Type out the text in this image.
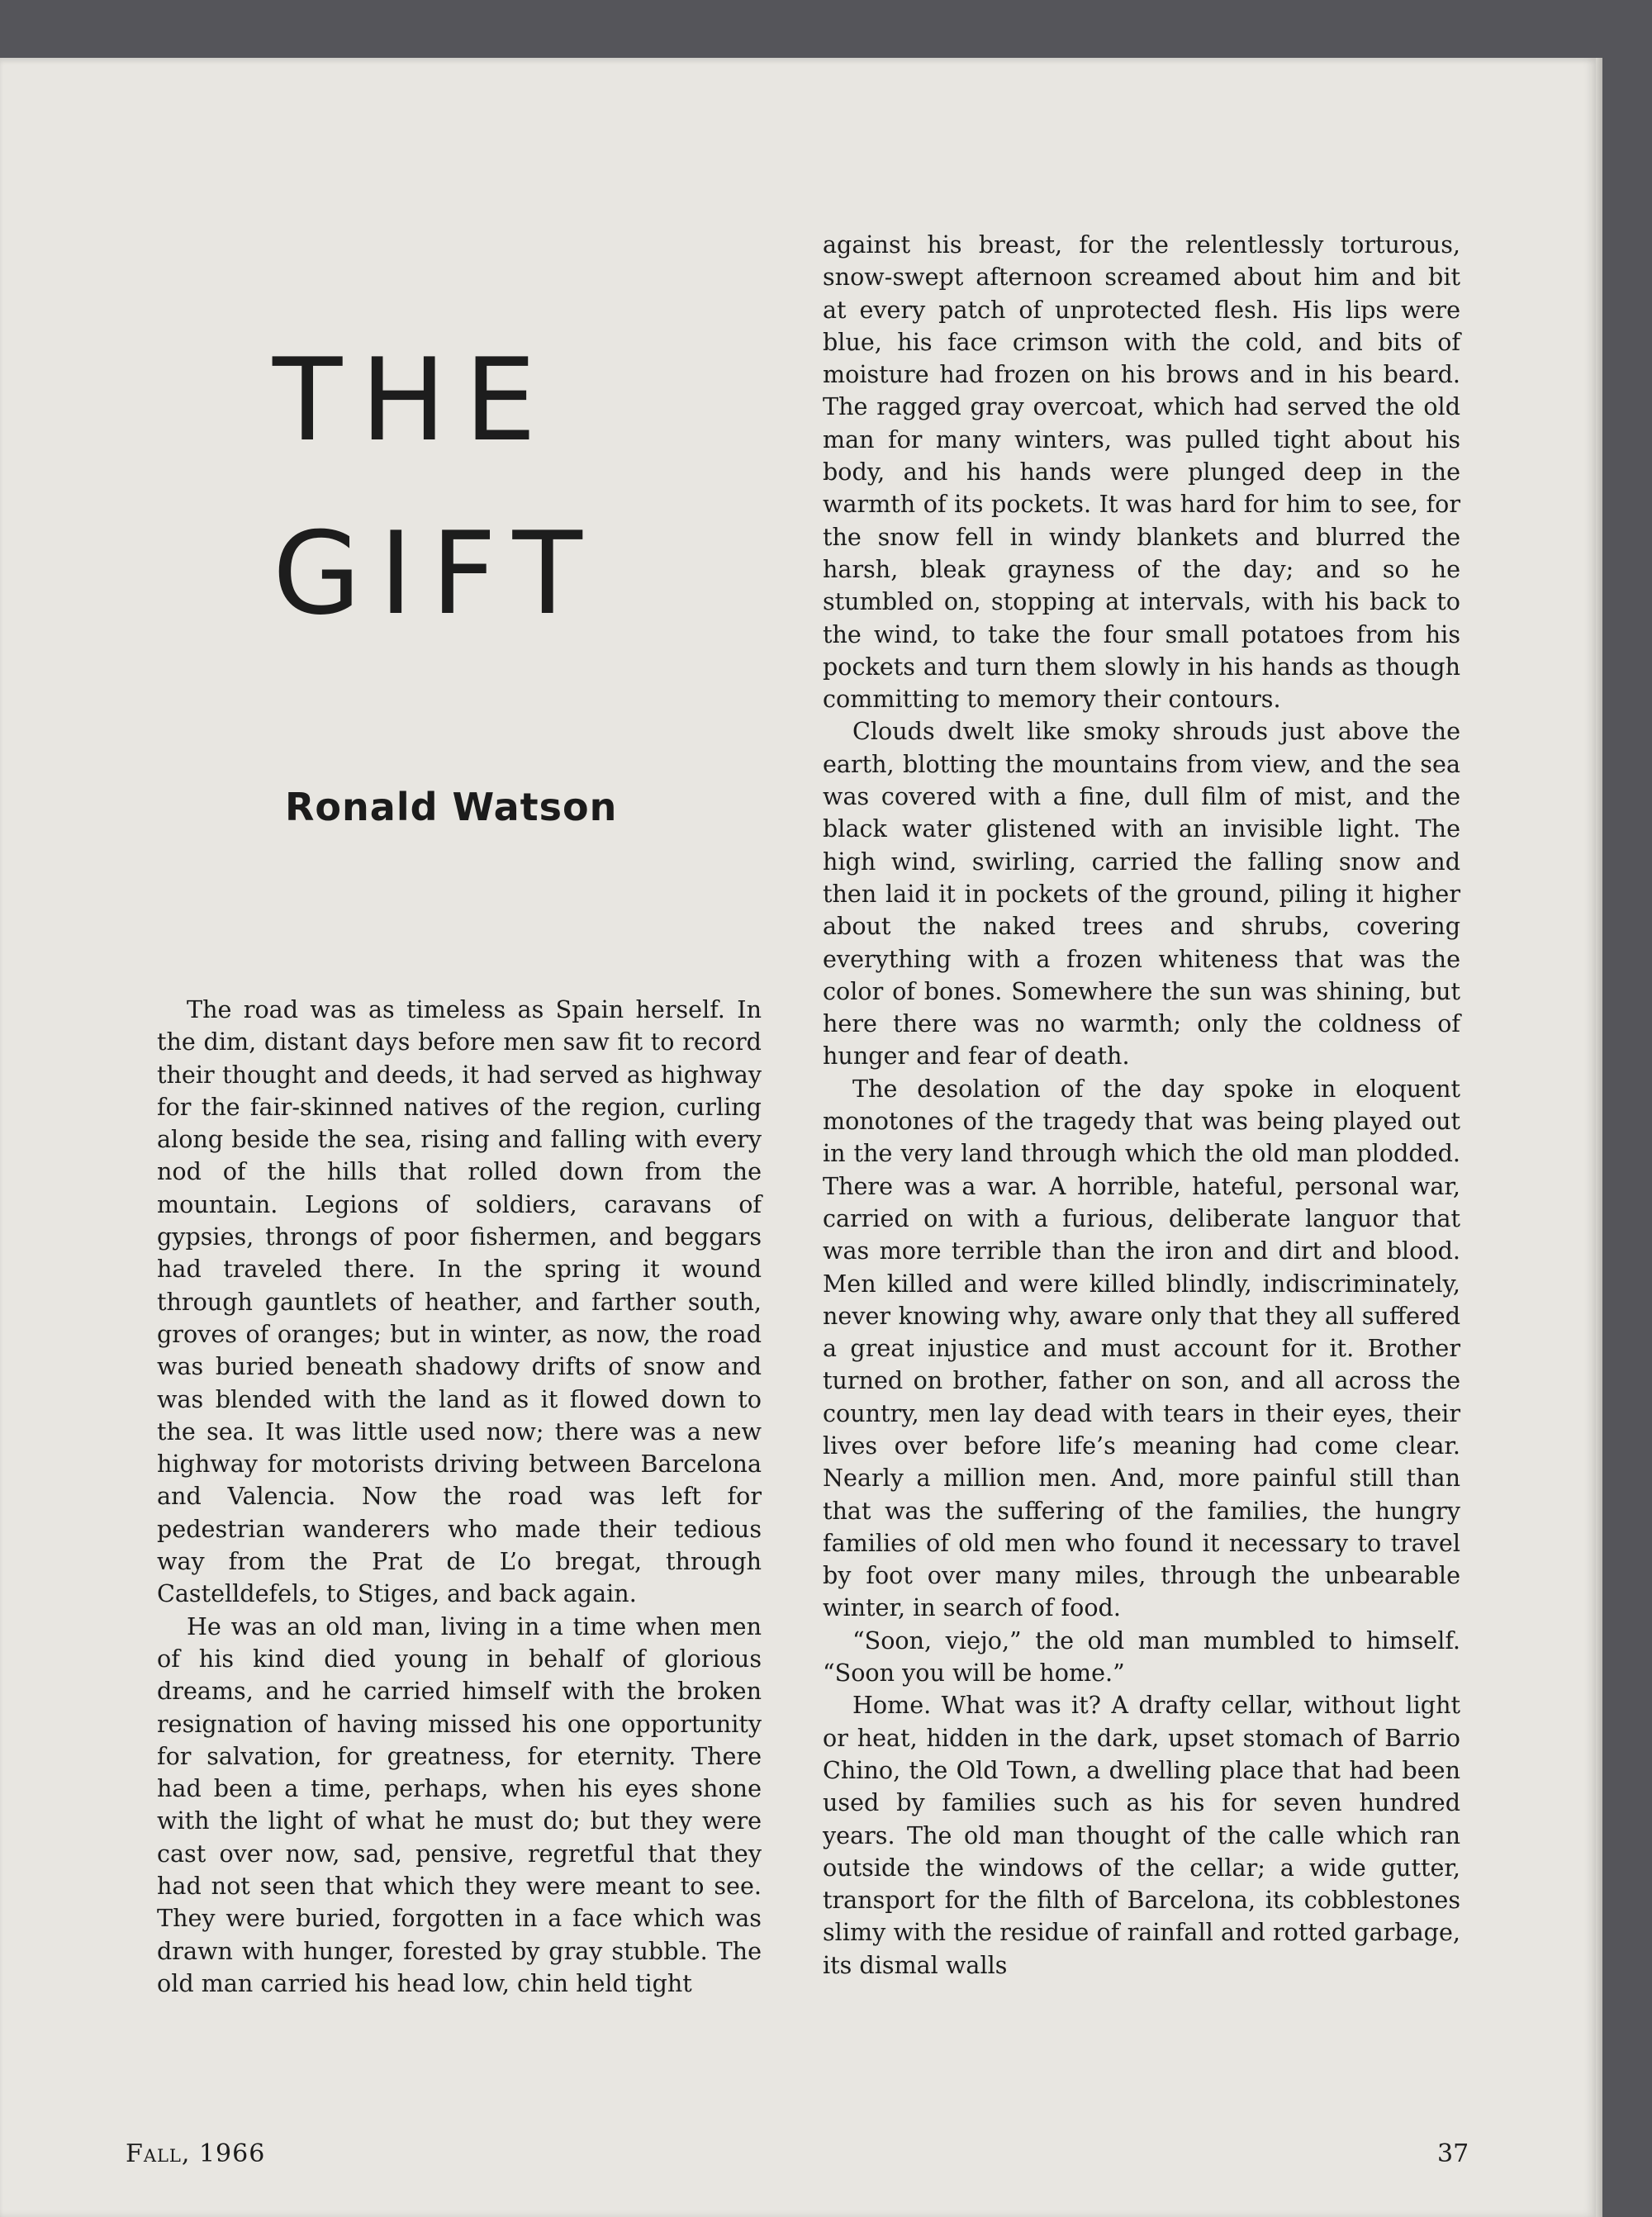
THE
GIFT
Ronald Watson

The road was as timeless as Spain herself. In the dim, distant days before men saw fit to record their thought and deeds, it had served as highway for the fair-skinned natives of the region, curling along beside the sea, rising and falling with every nod of the hills that rolled down from the mountain. Legions of soldiers, caravans of gypsies, throngs of poor fishermen, and beggars had traveled there. In the spring it wound through gauntlets of heather, and farther south, groves of oranges; but in winter, as now, the road was buried beneath shadowy drifts of snow and was blended with the land as it flowed down to the sea. It was little used now; there was a new highway for motorists driving between Barcelona and Valencia. Now the road was left for pedestrian wanderers who made their tedious way from the Prat de L’o bregat, through Castelldefels, to Stiges, and back again.

He was an old man, living in a time when men of his kind died young in behalf of glorious dreams, and he carried himself with the broken resignation of having missed his one opportunity for salvation, for greatness, for eternity. There had been a time, perhaps, when his eyes shone with the light of what he must do; but they were cast over now, sad, pensive, regretful that they had not seen that which they were meant to see. They were buried, forgotten in a face which was drawn with hunger, forested by gray stubble. The old man carried his head low, chin held tight

against his breast, for the relentlessly torturous, snow-swept afternoon screamed about him and bit at every patch of unprotected flesh. His lips were blue, his face crimson with the cold, and bits of moisture had frozen on his brows and in his beard. The ragged gray overcoat, which had served the old man for many winters, was pulled tight about his body, and his hands were plunged deep in the warmth of its pockets. It was hard for him to see, for the snow fell in windy blankets and blurred the harsh, bleak grayness of the day; and so he stumbled on, stopping at intervals, with his back to the wind, to take the four small potatoes from his pockets and turn them slowly in his hands as though committing to memory their contours.

Clouds dwelt like smoky shrouds just above the earth, blotting the mountains from view, and the sea was covered with a fine, dull film of mist, and the black water glistened with an invisible light. The high wind, swirling, carried the falling snow and then laid it in pockets of the ground, piling it higher about the naked trees and shrubs, covering everything with a frozen whiteness that was the color of bones. Somewhere the sun was shining, but here there was no warmth; only the coldness of hunger and fear of death.

The desolation of the day spoke in eloquent monotones of the tragedy that was being played out in the very land through which the old man plodded. There was a war. A horrible, hateful, personal war, carried on with a furious, deliberate languor that was more terrible than the iron and dirt and blood. Men killed and were killed blindly, indiscriminately, never knowing why, aware only that they all suffered a great injustice and must account for it. Brother turned on brother, father on son, and all across the country, men lay dead with tears in their eyes, their lives over before life’s meaning had come clear. Nearly a million men. And, more painful still than that was the suffering of the families, the hungry families of old men who found it necessary to travel by foot over many miles, through the unbearable winter, in search of food.

“Soon, viejo,” the old man mumbled to himself. “Soon you will be home.”

Home. What was it? A drafty cellar, without light or heat, hidden in the dark, upset stomach of Barrio Chino, the Old Town, a dwelling place that had been used by families such as his for seven hundred years. The old man thought of the calle which ran outside the windows of the cellar; a wide gutter, transport for the filth of Barcelona, its cobblestones slimy with the residue of rainfall and rotted garbage, its dismal walls

Fall, 1966	37
